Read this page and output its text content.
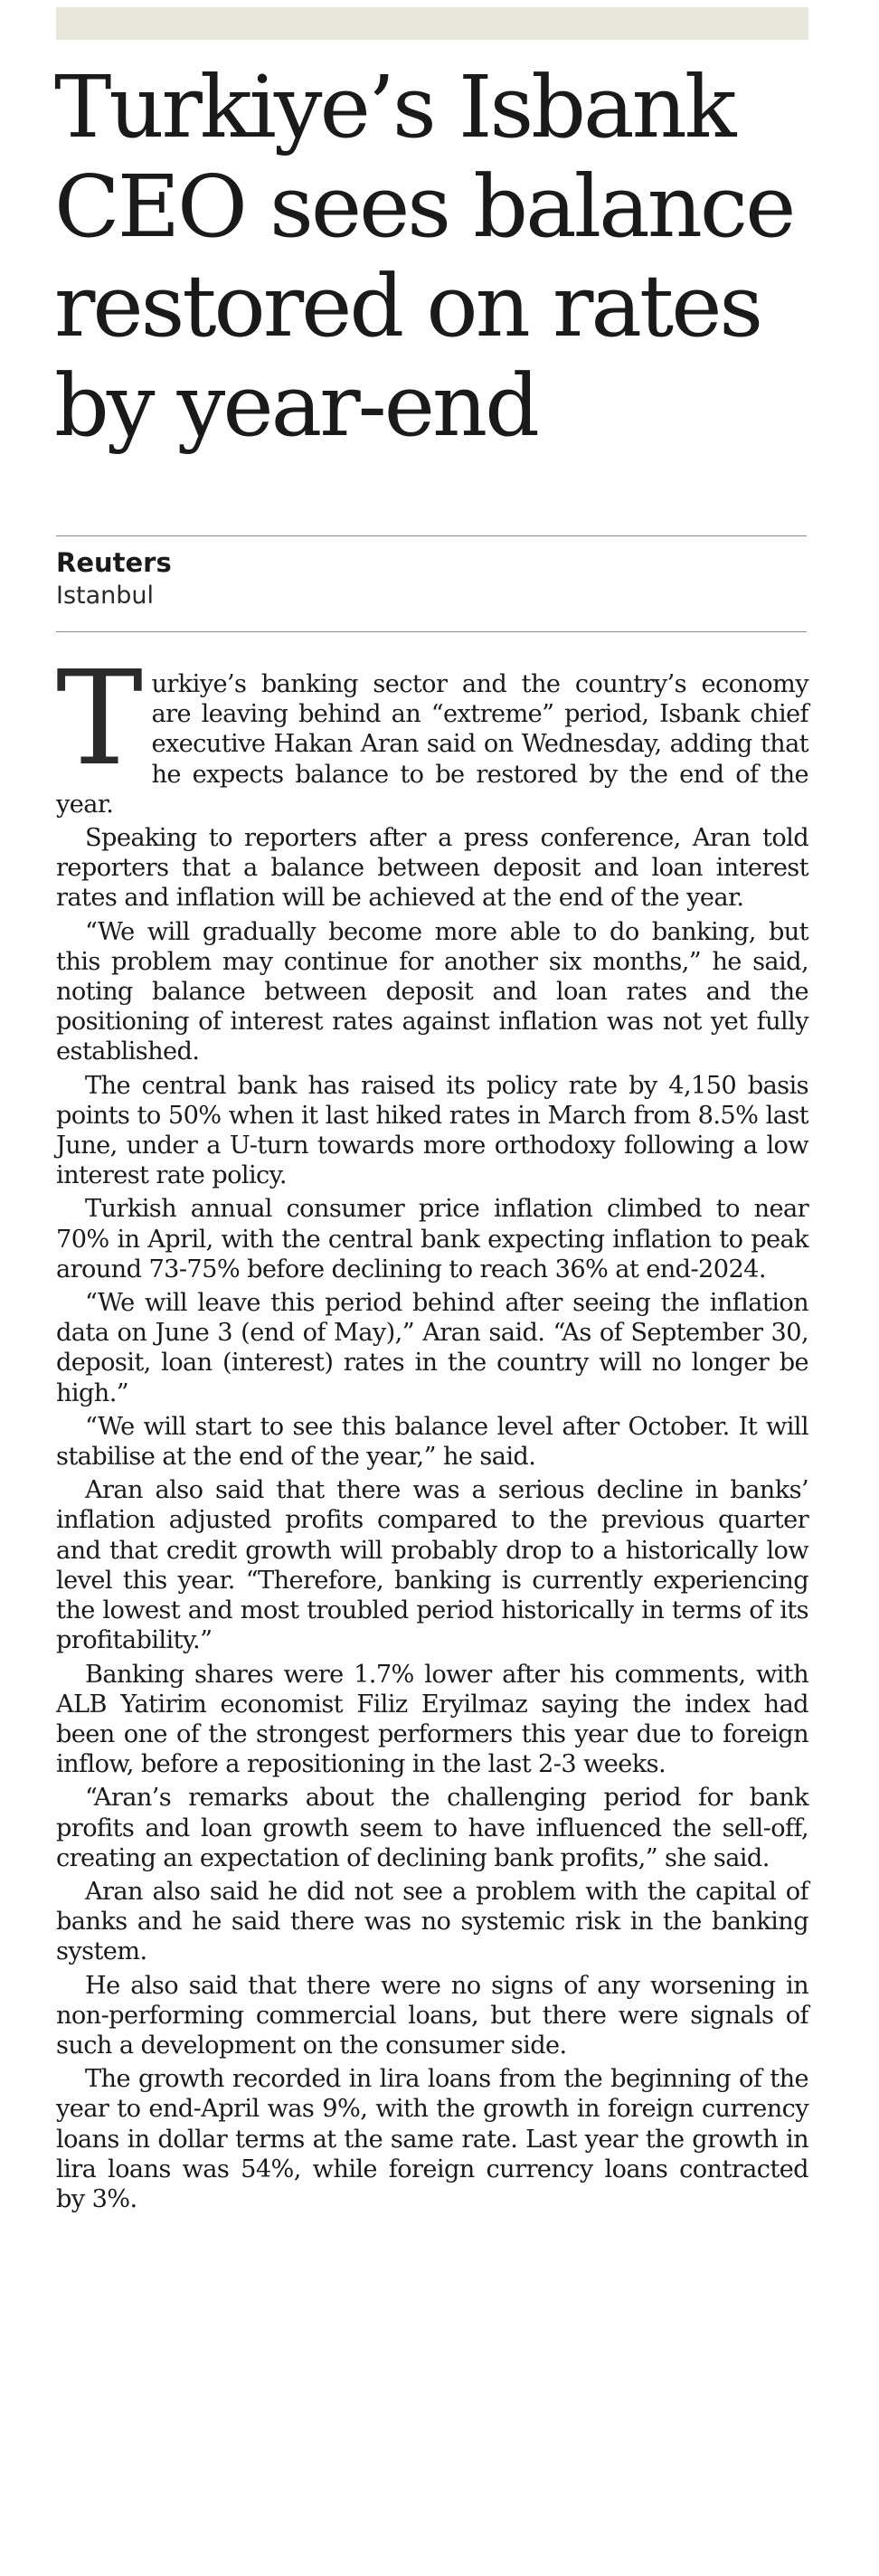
Turkiye’s Isbank CEO sees balance restored on rates by year-end
Reuters
Istanbul

Turkiye’s banking sector and the country’s economy are leaving behind an “extreme” period, Isbank chief executive Hakan Aran said on Wednesday, adding that he expects balance to be restored by the end of the year.

Speaking to reporters after a press conference, Aran told reporters that a balance between deposit and loan interest rates and inflation will be achieved at the end of the year.

“We will gradually become more able to do banking, but this problem may continue for another six months,” he said, noting balance between deposit and loan rates and the positioning of interest rates against inflation was not yet fully established.

The central bank has raised its policy rate by 4,150 basis points to 50% when it last hiked rates in March from 8.5% last June, under a U-turn towards more orthodoxy following a low interest rate policy.

Turkish annual consumer price inflation climbed to near 70% in April, with the central bank expecting inflation to peak around 73-75% before declining to reach 36% at end-2024.

“We will leave this period behind after seeing the inflation data on June 3 (end of May),” Aran said. “As of September 30, deposit, loan (interest) rates in the country will no longer be high.”

“We will start to see this balance level after October. It will stabilise at the end of the year,” he said.

Aran also said that there was a serious decline in banks’ inflation adjusted profits compared to the previous quarter and that credit growth will probably drop to a historically low level this year. “Therefore, banking is currently experiencing the lowest and most troubled period historically in terms of its profitability.”

Banking shares were 1.7% lower after his comments, with ALB Yatirim economist Filiz Eryilmaz saying the index had been one of the strongest performers this year due to foreign inflow, before a repositioning in the last 2-3 weeks.

“Aran’s remarks about the challenging period for bank profits and loan growth seem to have influenced the sell-off, creating an expectation of declining bank profits,” she said.

Aran also said he did not see a problem with the capital of banks and he said there was no systemic risk in the banking system.

He also said that there were no signs of any worsening in non-performing commercial loans, but there were signals of such a development on the consumer side.

The growth recorded in lira loans from the beginning of the year to end-April was 9%, with the growth in foreign currency loans in dollar terms at the same rate. Last year the growth in lira loans was 54%, while foreign currency loans contracted by 3%.
